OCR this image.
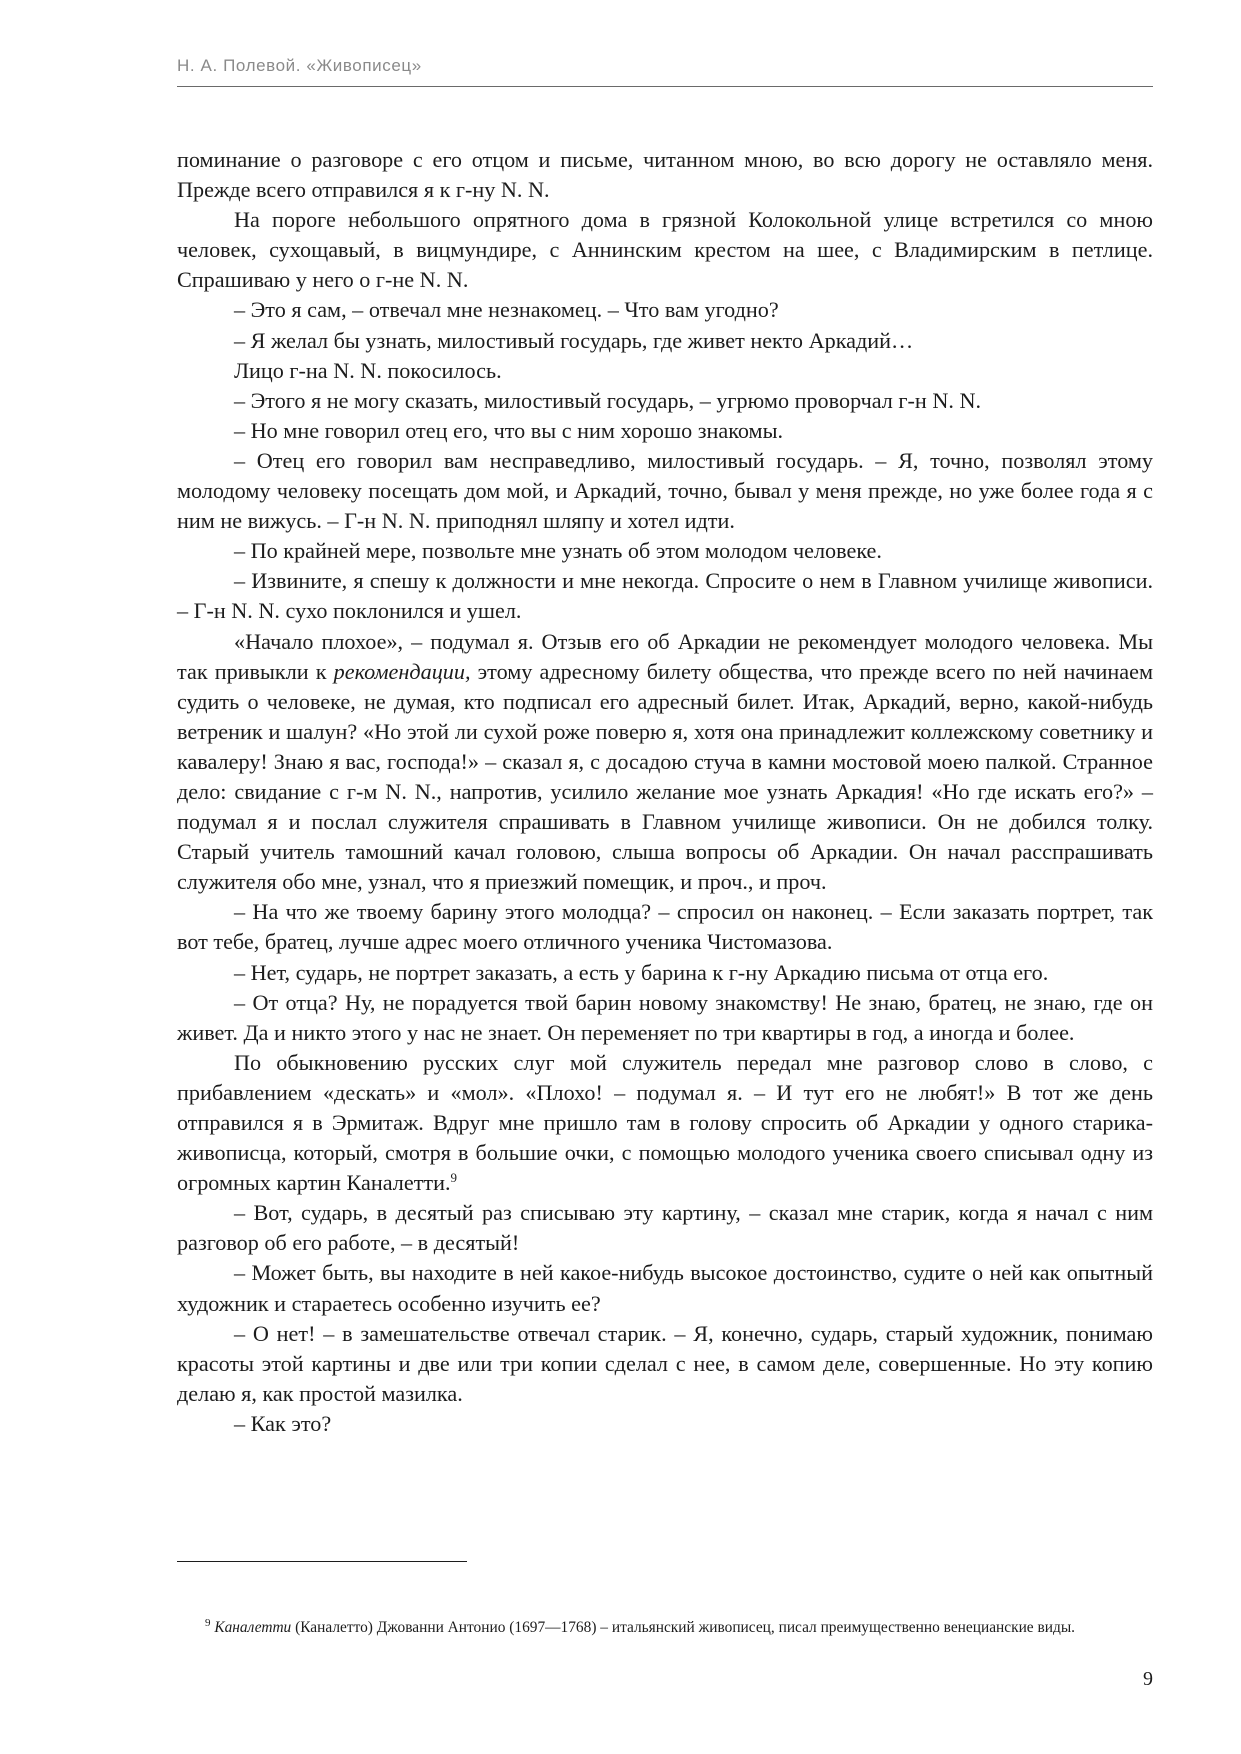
Н. А. Полевой. «Живописец»

поминание о разговоре с его отцом и письме, читанном мною, во всю дорогу не оставляло меня. Прежде всего отправился я к г-ну N. N.

На пороге небольшого опрятного дома в грязной Колокольной улице встретился со мною человек, сухощавый, в вицмундире, с Аннинским крестом на шее, с Владимирским в петлице. Спрашиваю у него о г-не N. N.

– Это я сам, – отвечал мне незнакомец. – Что вам угодно?

– Я желал бы узнать, милостивый государь, где живет некто Аркадий…

Лицо г-на N. N. покосилось.

– Этого я не могу сказать, милостивый государь, – угрюмо проворчал г-н N. N.

– Но мне говорил отец его, что вы с ним хорошо знакомы.

– Отец его говорил вам несправедливо, милостивый государь. – Я, точно, позволял этому молодому человеку посещать дом мой, и Аркадий, точно, бывал у меня прежде, но уже более года я с ним не вижусь. – Г-н N. N. приподнял шляпу и хотел идти.

– По крайней мере, позвольте мне узнать об этом молодом человеке.

– Извините, я спешу к должности и мне некогда. Спросите о нем в Главном училище живописи. – Г-н N. N. сухо поклонился и ушел.

«Начало плохое», – подумал я. Отзыв его об Аркадии не рекомендует молодого человека. Мы так привыкли к рекомендации, этому адресному билету общества, что прежде всего по ней начинаем судить о человеке, не думая, кто подписал его адресный билет. Итак, Аркадий, верно, какой-нибудь ветреник и шалун? «Но этой ли сухой роже поверю я, хотя она принадлежит коллежскому советнику и кавалеру! Знаю я вас, господа!» – сказал я, с досадою стуча в камни мостовой моею палкой. Странное дело: свидание с г-м N. N., напротив, усилило желание мое узнать Аркадия! «Но где искать его?» – подумал я и послал служителя спрашивать в Главном училище живописи. Он не добился толку. Старый учитель тамошний качал головою, слыша вопросы об Аркадии. Он начал расспрашивать служителя обо мне, узнал, что я приезжий помещик, и проч., и проч.

– На что же твоему барину этого молодца? – спросил он наконец. – Если заказать портрет, так вот тебе, братец, лучше адрес моего отличного ученика Чистомазова.

– Нет, сударь, не портрет заказать, а есть у барина к г-ну Аркадию письма от отца его.

– От отца? Ну, не порадуется твой барин новому знакомству! Не знаю, братец, не знаю, где он живет. Да и никто этого у нас не знает. Он переменяет по три квартиры в год, а иногда и более.

По обыкновению русских слуг мой служитель передал мне разговор слово в слово, с прибавлением «дескать» и «мол». «Плохо! – подумал я. – И тут его не любят!» В тот же день отправился я в Эрмитаж. Вдруг мне пришло там в голову спросить об Аркадии у одного старика-живописца, который, смотря в большие очки, с помощью молодого ученика своего списывал одну из огромных картин Каналетти.$^9$

– Вот, сударь, в десятый раз списываю эту картину, – сказал мне старик, когда я начал с ним разговор об его работе, – в десятый!

– Может быть, вы находите в ней какое-нибудь высокое достоинство, судите о ней как опытный художник и стараетесь особенно изучить ее?

– О нет! – в замешательстве отвечал старик. – Я, конечно, сударь, старый художник, понимаю красоты этой картины и две или три копии сделал с нее, в самом деле, совершенные. Но эту копию делаю я, как простой мазилка.

– Как это?

$^9$ Каналетти (Каналетто) Джованни Антонио (1697—1768) – итальянский живописец, писал преимущественно венецианские виды.
9
